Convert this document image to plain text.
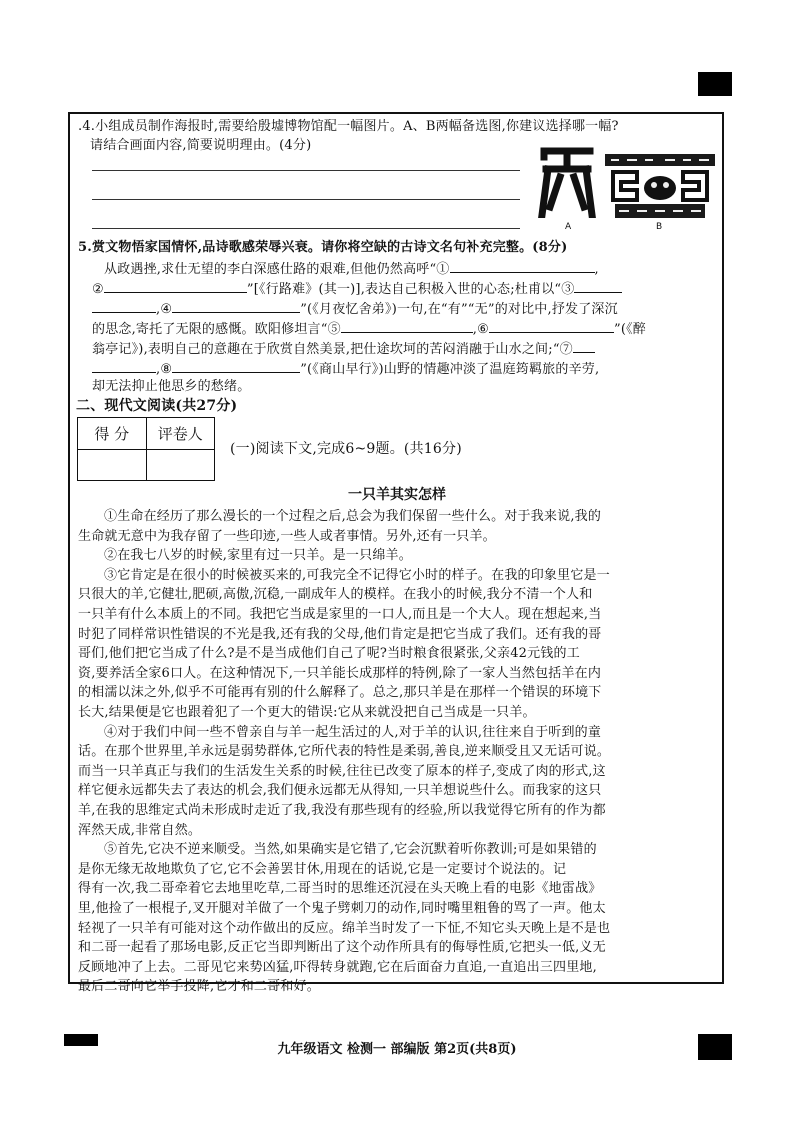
.4.小组成员制作海报时,需要给殷墟博物馆配一幅图片。A、B两幅备选图,你建议选择哪一幅?
请结合画面内容,简要说明理由。(4分)
A	B
5.赏文物悟家国情怀,品诗歌感荣辱兴衰。请你将空缺的古诗文名句补充完整。(8分)
从政遇挫,求仕无望的李白深感仕路的艰难,但他仍然高呼“①	,
②	”[《行路难》(其一)],表达自己积极入世的心态;杜甫以“③
,④	”(《月夜忆舍弟》)一句,在“有”“无”的对比中,抒发了深沉
的思念,寄托了无限的感慨。欧阳修坦言“⑤	,⑥	”(《醉
翁亭记》),表明自己的意趣在于欣赏自然美景,把仕途坎坷的苦闷消融于山水之间;“⑦
,⑧	”(《商山早行》)山野的情趣冲淡了温庭筠羁旅的辛劳,
却无法抑止他思乡的愁绪。
二、现代文阅读(共27分)
得 分	评卷人

(一)阅读下文,完成6~9题。(共16分)
一只羊其实怎样
①生命在经历了那么漫长的一个过程之后,总会为我们保留一些什么。对于我来说,我的
生命就无意中为我存留了一些印迹,一些人或者事情。另外,还有一只羊。
②在我七八岁的时候,家里有过一只羊。是一只绵羊。
③它肯定是在很小的时候被买来的,可我完全不记得它小时的样子。在我的印象里它是一
只很大的羊,它健壮,肥硕,高傲,沉稳,一副成年人的模样。在我小的时候,我分不清一个人和
一只羊有什么本质上的不同。我把它当成是家里的一口人,而且是一个大人。现在想起来,当
时犯了同样常识性错误的不光是我,还有我的父母,他们肯定是把它当成了我们。还有我的哥
哥们,他们把它当成了什么?是不是当成他们自己了呢?当时粮食很紧张,父亲42元钱的工
资,要养活全家6口人。在这种情况下,一只羊能长成那样的特例,除了一家人当然包括羊在内
的相濡以沫之外,似乎不可能再有别的什么解释了。总之,那只羊是在那样一个错误的环境下
长大,结果便是它也跟着犯了一个更大的错误:它从来就没把自己当成是一只羊。
④对于我们中间一些不曾亲自与羊一起生活过的人,对于羊的认识,往往来自于听到的童
话。在那个世界里,羊永远是弱势群体,它所代表的特性是柔弱,善良,逆来顺受且又无话可说。
而当一只羊真正与我们的生活发生关系的时候,往往已改变了原本的样子,变成了肉的形式,这
样它便永远都失去了表达的机会,我们便永远都无从得知,一只羊想说些什么。而我家的这只
羊,在我的思维定式尚未形成时走近了我,我没有那些现有的经验,所以我觉得它所有的作为都
浑然天成,非常自然。
⑤首先,它决不逆来顺受。当然,如果确实是它错了,它会沉默着听你教训;可是如果错的
是你无缘无故地欺负了它,它不会善罢甘休,用现在的话说,它是一定要讨个说法的。记
得有一次,我二哥牵着它去地里吃草,二哥当时的思维还沉浸在头天晚上看的电影《地雷战》
里,他捡了一根棍子,叉开腿对羊做了一个鬼子劈刺刀的动作,同时嘴里粗鲁的骂了一声。他太
轻视了一只羊有可能对这个动作做出的反应。绵羊当时发了一下怔,不知它头天晚上是不是也
和二哥一起看了那场电影,反正它当即判断出了这个动作所具有的侮辱性质,它把头一低,义无
反顾地冲了上去。二哥见它来势凶猛,吓得转身就跑,它在后面奋力直追,一直追出三四里地,
最后二哥向它举手投降,它才和二哥和好。
九年级语文 检测一 部编版 第2页(共8页)
